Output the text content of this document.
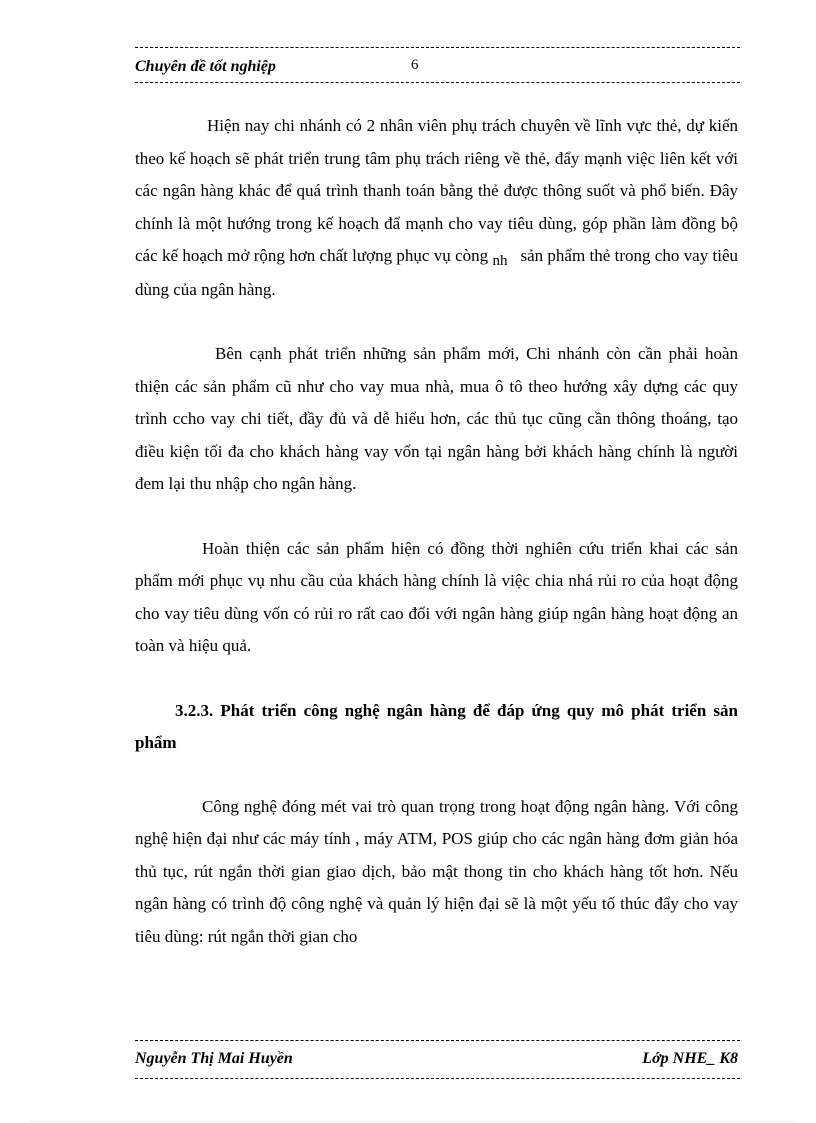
Chuyên đề tốt nghiệp	6

Hiện nay chi nhánh có 2 nhân viên phụ trách chuyên về lĩnh vực thẻ, dự kiến theo kế hoạch sẽ phát triển trung tâm phụ trách riêng về thẻ, đẩy mạnh việc liên kết với các ngân hàng khác để quá trình thanh toán bằng thẻ được thông suốt và phổ biến. Đây chính là một hướng trong kế hoạch đẩ mạnh cho vay tiêu dùng, góp phần làm đồng bộ các kế hoạch mở rộng hơn chất lượng phục vụ còng nh sản phẩm thẻ trong cho vay tiêu dùng của ngân hàng.

Bên cạnh phát triển những sản phẩm mới, Chi nhánh còn cần phải hoàn thiện các sản phẩm cũ như cho vay mua nhà, mua ô tô theo hướng xây dựng các quy trình ccho vay chi tiết, đầy đủ và dễ hiểu hơn, các thủ tục cũng cần thông thoáng, tạo điều kiện tối đa cho khách hàng vay vốn tại ngân hàng bởi khách hàng chính là người đem lại thu nhập cho ngân hàng.

Hoàn thiện các sản phẩm hiện có đồng thời nghiên cứu triển khai các sản phẩm mới phục vụ nhu cầu của khách hàng chính là việc chia nhá rủi ro của hoạt động cho vay tiêu dùng vốn có rủi ro rất cao đối với ngân hàng giúp ngân hàng hoạt động an toàn và hiệu quả.

3.2.3. Phát triển công nghệ ngân hàng để đáp ứng quy mô phát triển sản phẩm

Công nghệ đóng mét vai trò quan trọng trong hoạt động ngân hàng. Với công nghệ hiện đại như các máy tính , máy ATM, POS giúp cho các ngân hàng đơm giản hóa thủ tục, rút ngắn thời gian giao dịch, bảo mật thong tin cho khách hàng tốt hơn. Nếu ngân hàng có trình độ công nghệ và quản lý hiện đại sẽ là một yếu tố thúc đẩy cho vay tiêu dùng: rút ngắn thời gian cho

Nguyễn Thị Mai Huyền	Lớp NHE_ K8
